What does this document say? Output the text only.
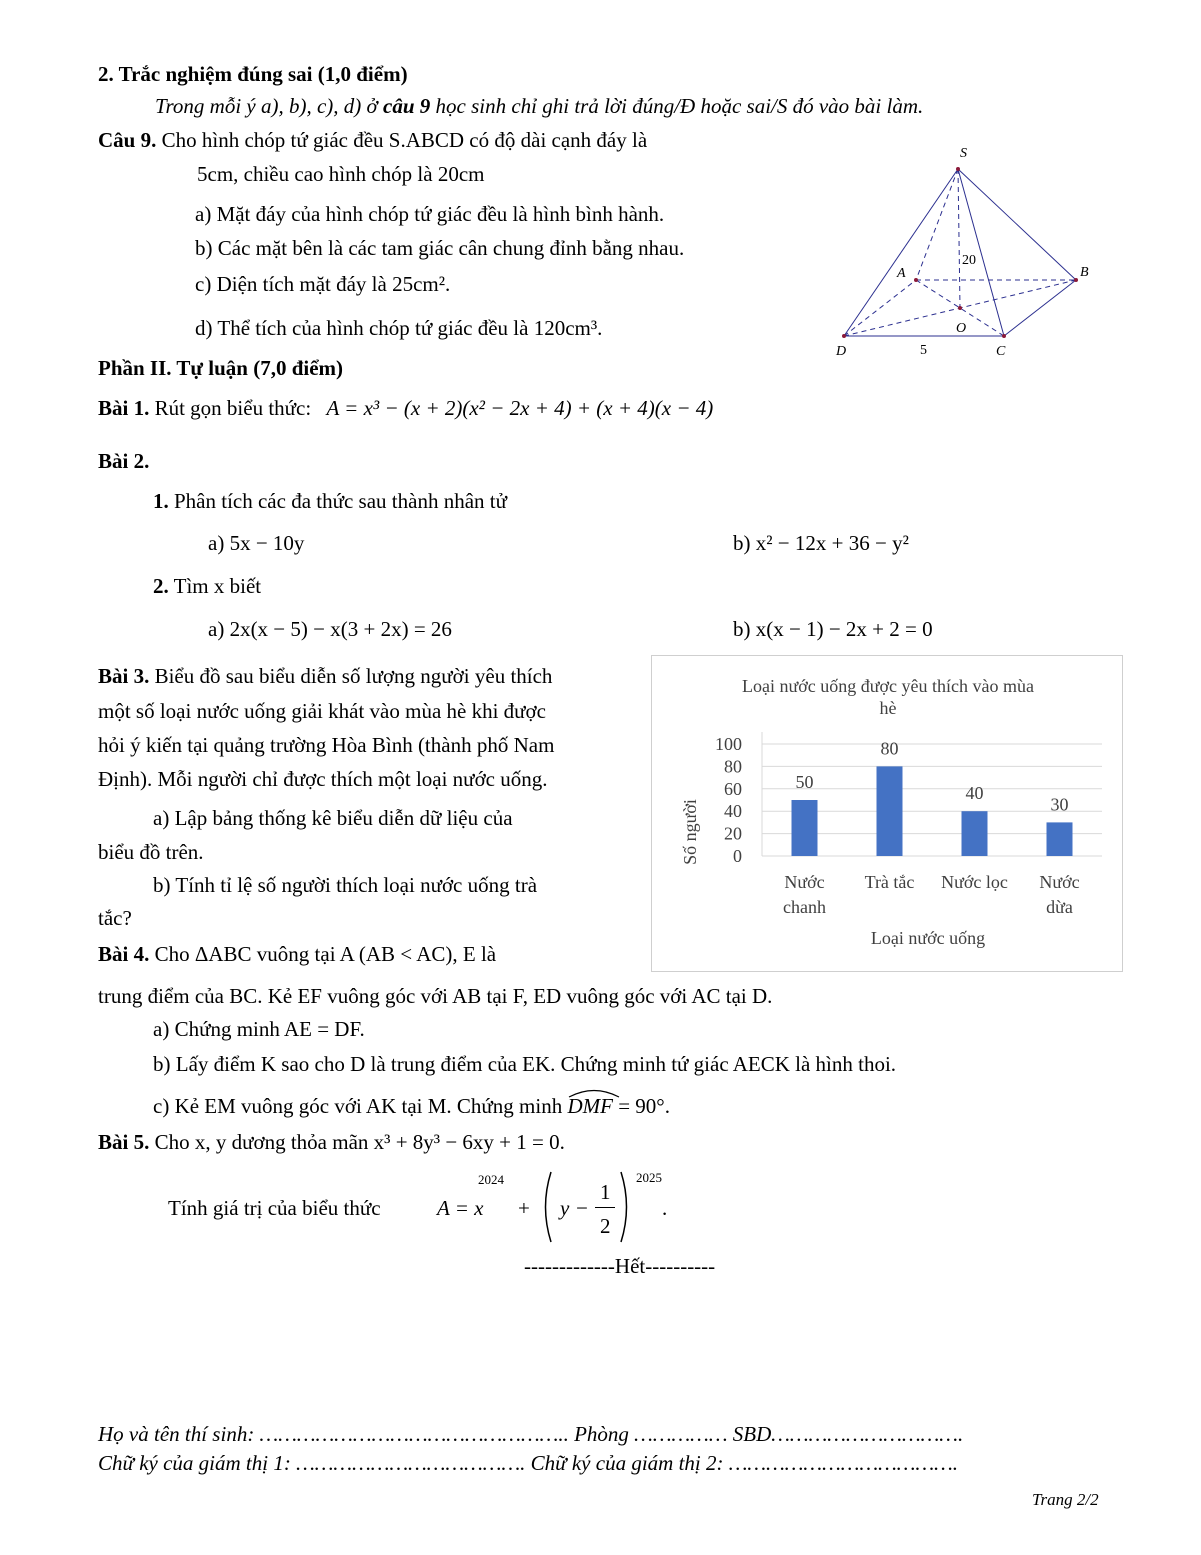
2. Trắc nghiệm đúng sai (1,0 điểm)
Trong mỗi ý a), b), c), d) ở câu 9 học sinh chỉ ghi trả lời đúng/Đ hoặc sai/S đó vào bài làm.
Câu 9. Cho hình chóp tứ giác đều S.ABCD có độ dài cạnh đáy là
5cm, chiều cao hình chóp là 20cm
a) Mặt đáy của hình chóp tứ giác đều là hình bình hành.
b) Các mặt bên là các tam giác cân chung đỉnh bằng nhau.
c) Diện tích mặt đáy là 25cm².
d) Thể tích của hình chóp tứ giác đều là 120cm³.
S
A	B
C
D
O
20
5
Phần II. Tự luận (7,0 điểm)
Bài 1. Rút gọn biểu thức: A = x³ − (x + 2)(x² − 2x + 4) + (x + 4)(x − 4)
Bài 2.
1. Phân tích các đa thức sau thành nhân tử
a) 5x − 10y	b) x² − 12x + 36 − y²
2. Tìm x biết
a) 2x(x − 5) − x(3 + 2x) = 26	b) x(x − 1) − 2x + 2 = 0
Bài 3. Biểu đồ sau biểu diễn số lượng người yêu thích
một số loại nước uống giải khát vào mùa hè khi được
hỏi ý kiến tại quảng trường Hòa Bình (thành phố Nam
Định). Mỗi người chỉ được thích một loại nước uống.
a) Lập bảng thống kê biểu diễn dữ liệu của
biểu đồ trên.
b) Tính tỉ lệ số người thích loại nước uống trà
tắc?
Loại nước uống được yêu thích vào mùa
hè
50
80
40
30
0
20
40
60
80
100
Nước
chanh
Trà tắc Nước lọc Nước
dừa
Số người
Loại nước uống
Bài 4. Cho ΔABC vuông tại A (AB < AC), E là
trung điểm của BC. Kẻ EF vuông góc với AB tại F, ED vuông góc với AC tại D.
a) Chứng minh AE = DF.
b) Lấy điểm K sao cho D là trung điểm của EK. Chứng minh tứ giác AECK là hình thoi.
c) Kẻ EM vuông góc với AK tại M. Chứng minh
DMF = 90°.
Bài 5. Cho x, y dương thỏa mãn x³ + 8y³ − 6xy + 1 = 0.
Tính giá trị của biểu thức	A = x
2024
+ y −
1
2
2025
.
-------------Hết----------
Họ và tên thí sinh: ………………………………………….. Phòng …………… SBD………………………….
Chữ ký của giám thị 1: ………………………………. Chữ ký của giám thị 2: ……………………………….
Trang 2/2
